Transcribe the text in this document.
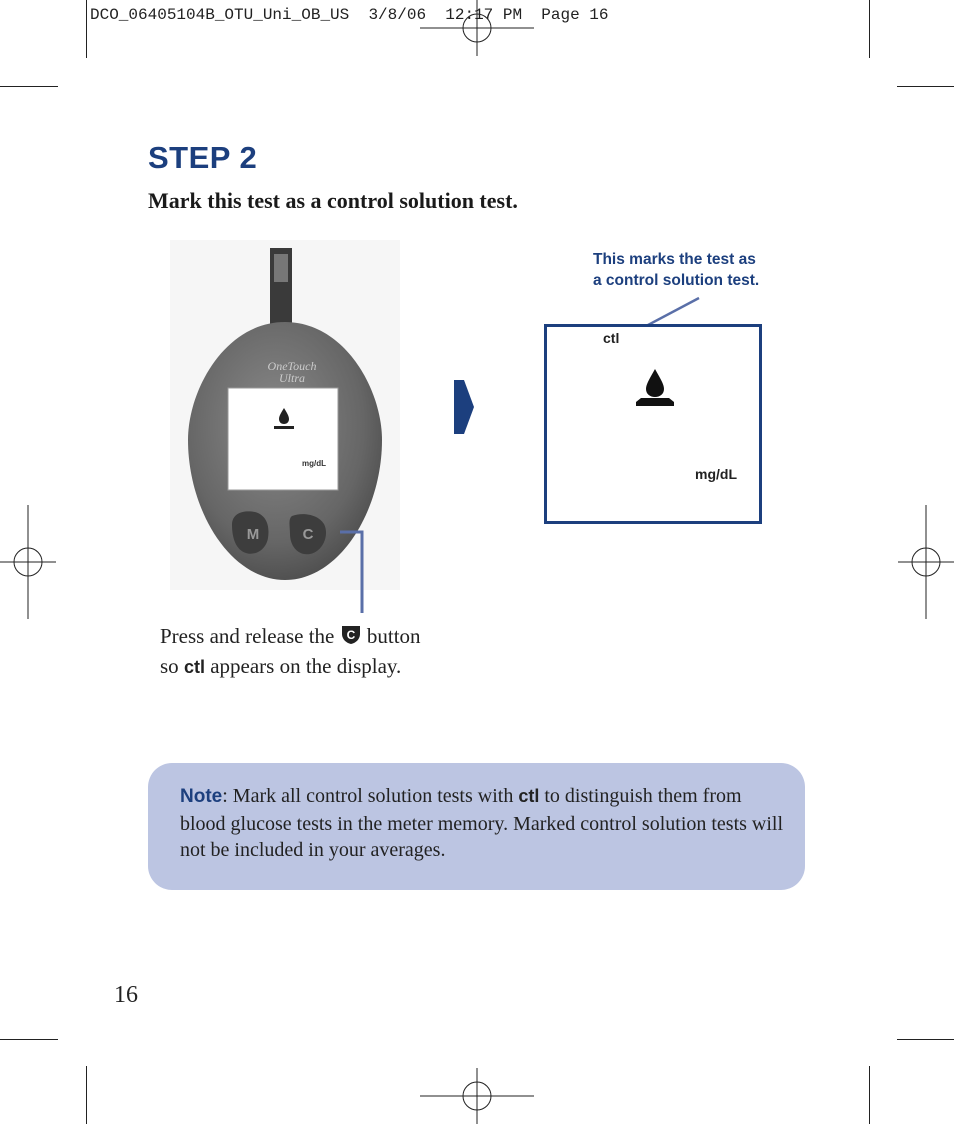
DCO_06405104B_OTU_Uni_OB_US  3/8/06  12:17 PM  Page 16
STEP 2
Mark this test as a control solution test.
M	C
OneTouch
Ultra
mg/dL
This marks the test as
a control solution test.
ctl
mg/dL
Press and release the C button
so ctl appears on the display.
Note: Mark all control solution tests with ctl to distinguish them from blood glucose tests in the meter memory. Marked control solution tests will not be included in your averages.
16
